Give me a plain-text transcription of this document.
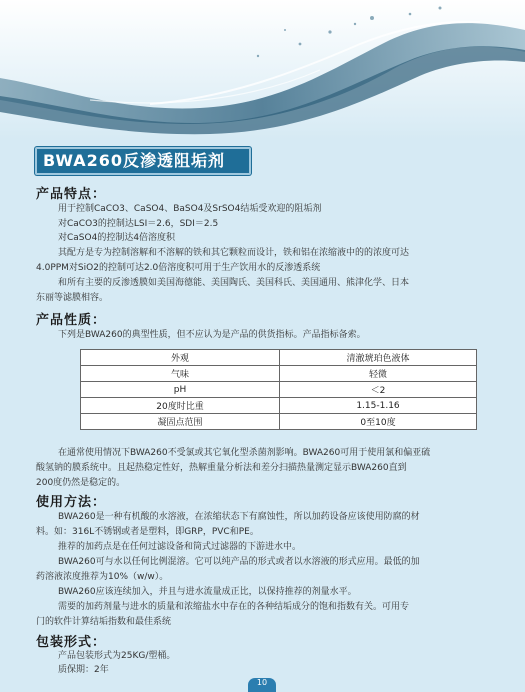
BWA260反渗透阻垢剂
产品特点：
用于控制CaCO3、CaSO4、BaSO4及SrSO4结垢受欢迎的阻垢剂
对CaCO3的控制达LSI＝2.6，SDI＝2.5
对CaSO4的控制达4倍溶度积
其配方是专为控制溶解和不溶解的铁和其它颗粒而设计，铁和铝在浓缩液中的的浓度可达
4.0PPM对SiO2的控制可达2.0倍溶度积可用于生产饮用水的反渗透系统
和所有主要的反渗透膜如美国海德能、美国陶氏、美国科氏、美国通用、熊津化学、日本
东丽等滤膜相容。
产品性质：
下列是BWA260的典型性质，但不应认为是产品的供货指标。产品指标备索。
外观	清澈琥珀色液体
气味	轻微
pH	＜2
20度时比重	1.15-1.16
凝固点范围	0至10度
在通常使用情况下BWA260不受氯或其它氧化型杀菌剂影响。BWA260可用于使用氯和偏亚硫
酸氢钠的膜系统中。且起热稳定性好，热解重量分析法和差分扫描热量测定显示BWA260直到
200度仍然是稳定的。
使用方法：
BWA260是一种有机酸的水溶液，在浓缩状态下有腐蚀性，所以加药设备应该使用防腐的材
料。如：316L不锈钢或者是塑料，即GRP，PVC和PE。
推荐的加药点是在任何过滤设备和筒式过滤器的下游进水中。
BWA260可与水以任何比例混溶。它可以纯产品的形式或者以水溶液的形式应用。最低的加
药溶液浓度推荐为10%（w/w）。
BWA260应该连续加入，并且与进水流量成正比，以保持推荐的剂量水平。
需要的加药剂量与进水的质量和浓缩盐水中存在的各种结垢成分的饱和指数有关。可用专
门的软件计算结垢指数和最佳系统
包装形式：
产品包装形式为25KG/塑桶。
质保期：2年
10
